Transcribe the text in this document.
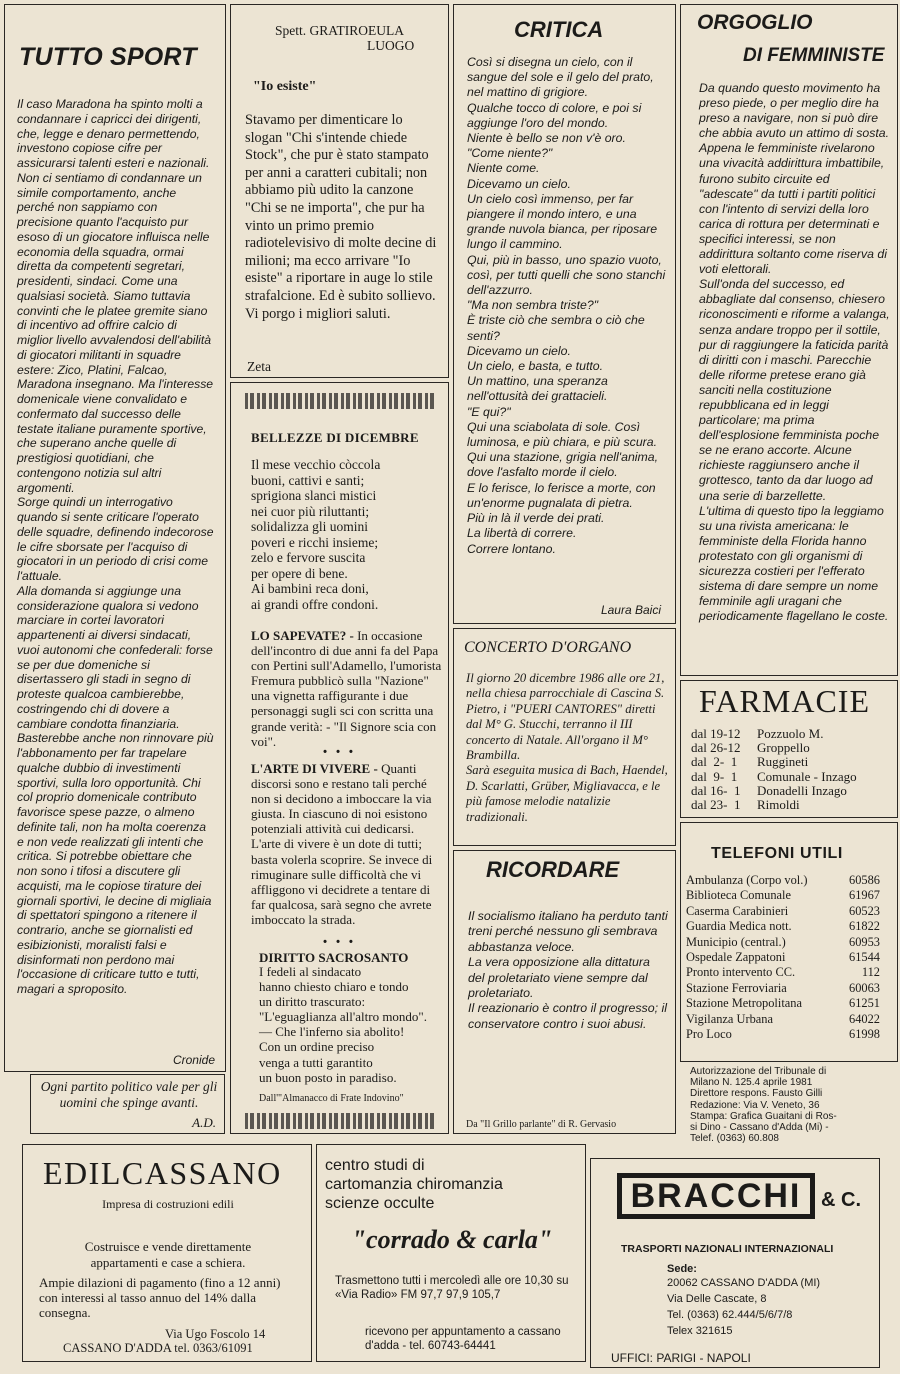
TUTTO SPORT

Il caso Maradona ha spinto molti a condannare i capricci dei dirigenti, che, legge e denaro permettendo, investono copiose cifre per assicurarsi talenti esteri e nazionali.
Non ci sentiamo di condannare un simile comportamento, anche perché non sappiamo con precisione quanto l'acquisto pur esoso di un giocatore influisca nelle economia della squadra, ormai diretta da competenti segretari, presidenti, sindaci. Come una qualsiasi società. Siamo tuttavia convinti che le platee gremite siano di incentivo ad offrire calcio di miglior livello avvalendosi dell'abilità di giocatori militanti in squadre estere: Zico, Platini, Falcao, Maradona insegnano. Ma l'interesse domenicale viene convalidato e confermato dal successo delle testate italiane puramente sportive, che superano anche quelle di prestigiosi quotidiani, che contengono notizia sul altri argomenti.
Sorge quindi un interrogativo quando si sente criticare l'operato delle squadre, definendo indecorose le cifre sborsate per l'acquiso di giocatori in un periodo di crisi come l'attuale.
Alla domanda si aggiunge una considerazione qualora si vedono marciare in cortei lavoratori appartenenti ai diversi sindacati, vuoi autonomi che confederali: forse se per due domeniche si disertassero gli stadi in segno di proteste qualcoa cambierebbe, costringendo chi di dovere a cambiare condotta finanziaria.
Basterebbe anche non rinnovare più l'abbonamento per far trapelare qualche dubbio di investimenti sportivi, sulla loro opportunità. Chi col proprio domenicale contributo favorisce spese pazze, o almeno definite tali, non ha molta coerenza e non vede realizzati gli intenti che critica. Si potrebbe obiettare che non sono i tifosi a discutere gli acquisti, ma le copiose tirature dei giornali sportivi, le decine di migliaia di spettatori spingono a ritenere il contrario, anche se giornalisti ed esibizionisti, moralisti falsi e disinformati non perdono mai l'occasione di criticare tutto e tutti, magari a sproposito.

Cronide

Ogni partito politico vale per gli uomini che spinge avanti.

A.D.
Spett. GRATIROEULA
LUOGO
"Io esiste"

Stavamo per dimenticare lo slogan "Chi s'intende chiede Stock", che pur è stato stampato per anni a caratteri cubitali; non abbiamo più udito la canzone "Chi se ne importa", che pur ha vinto un primo premio radiotelevisivo di molte decine di milioni; ma ecco arrivare "Io esiste" a riportare in auge lo stile strafalcione. Ed è subito sollievo.
Vi porgo i migliori saluti.

Zeta
BELLEZZE DI DICEMBRE

Il mese vecchio còccola
buoni, cattivi e santi;
sprigiona slanci mistici
nei cuor più riluttanti;
solidalizza gli uomini
poveri e ricchi insieme;
zelo e fervore suscita
per opere di bene.
Ai bambini reca doni,
ai grandi offre condoni.

LO SAPEVATE? - In occasione dell'incontro di due anni fa del Papa con Pertini sull'Adamello, l'umorista Fremura pubblicò sulla "Nazione" una vignetta raffigurante i due personaggi sugli sci con scritta una grande verità: - "Il Signore scia con voi".

• • •

L'ARTE DI VIVERE - Quanti discorsi sono e restano tali perché non si decidono a imboccare la via giusta. In ciascuno di noi esistono potenziali attività cui dedicarsi. L'arte di vivere è un dote di tutti; basta volerla scoprire. Se invece di rimuginare sulle difficoltà che vi affliggono vi decidrete a tentare di far qualcosa, sarà segno che avrete imboccato la strada.

• • •
DIRITTO SACROSANTO

I fedeli al sindacato
hanno chiesto chiaro e tondo
un diritto trascurato:
"L'eguaglianza all'altro mondo".
— Che l'inferno sia abolito!
Con un ordine preciso
venga a tutti garantito
un buon posto in paradiso.

Dall'"Almanacco di Frate Indovino"
CRITICA

Così si disegna un cielo, con il sangue del sole e il gelo del prato, nel mattino di grigiore.
Qualche tocco di colore, e poi si aggiunge l'oro del mondo.
Niente è bello se non v'è oro.
"Come niente?"
Niente come.
Dicevamo un cielo.
Un cielo così immenso, per far piangere il mondo intero, e una grande nuvola bianca, per riposare lungo il cammino.
Qui, più in basso, uno spazio vuoto, così, per tutti quelli che sono stanchi dell'azzurro.
"Ma non sembra triste?"
È triste ciò che sembra o ciò che senti?
Dicevamo un cielo.
Un cielo, e basta, e tutto.
Un mattino, una speranza nell'ottusità dei grattacieli.
"E qui?"
Qui una sciabolata di sole. Così luminosa, e più chiara, e più scura.
Qui una stazione, grigia nell'anima, dove l'asfalto morde il cielo.
E lo ferisce, lo ferisce a morte, con un'enorme pugnalata di pietra.
Più in là il verde dei prati.
La libertà di correre.
Correre lontano.

Laura Baici
CONCERTO D'ORGANO

Il giorno 20 dicembre 1986 alle ore 21, nella chiesa parrocchiale di Cascina S. Pietro, i "PUERI CANTORES" diretti dal M° G. Stucchi, terranno il III concerto di Natale. All'organo il M° Brambilla.
Sarà eseguita musica di Bach, Haendel, D. Scarlatti, Grüber, Migliavacca, e le più famose melodie natalizie tradizionali.

RICORDARE

Il socialismo italiano ha perduto tanti treni perché nessuno gli sembrava abbastanza veloce.
La vera opposizione alla dittatura del proletariato viene sempre dal proletariato.
Il reazionario è contro il progresso; il conservatore contro i suoi abusi.

Da "Il Grillo parlante" di R. Gervasio
ORGOGLIO
DI FEMMINISTE

Da quando questo movimento ha preso piede, o per meglio dire ha preso a navigare, non si può dire che abbia avuto un attimo di sosta.
Appena le femministe rivelarono una vivacità addirittura imbattibile, furono subito circuite ed "adescate" da tutti i partiti politici con l'intento di servizi della loro carica di rottura per determinati e specifici interessi, se non addirittura soltanto come riserva di voti elettorali.
Sull'onda del successo, ed abbagliate dal consenso, chiesero riconoscimenti e riforme a valanga, senza andare troppo per il sottile, pur di raggiungere la faticida parità di diritti con i maschi. Parecchie delle riforme pretese erano già sanciti nella costituzione repubblicana ed in leggi particolare; ma prima dell'esplosione femminista poche se ne erano accorte. Alcune richieste raggiunsero anche il grottesco, tanto da dar luogo ad una serie di barzellette.
L'ultima di questo tipo la leggiamo su una rivista americana: le femministe della Florida hanno protestato con gli organismi di sicurezza costieri per l'efferato sistema di dare sempre un nome femminile agli uragani che periodicamente flagellano le coste.

FARMACIE
dal 19-12	Pozzuolo M.
dal 26-12	Groppello
dal  2-  1	Ruggineti
dal  9-  1	Comunale - Inzago
dal 16-  1	Donadelli Inzago
dal 23-  1	Rimoldi
TELEFONI UTILI
Ambulanza (Corpo vol.)	60586
Biblioteca Comunale	61967
Caserma Carabinieri	60523
Guardia Medica nott.	61822
Municipio (central.)	60953
Ospedale Zappatoni	61544
Pronto intervento CC.	112
Stazione Ferroviaria	60063
Stazione Metropolitana	61251
Vigilanza Urbana	64022
Pro Loco	61998
Autorizzazione del Tribunale di
Milano N. 125.4 aprile 1981
Direttore respons. Fausto Gilli
Redazione: Via V. Veneto, 36
Stampa: Grafica Guaitani di Ros-
si Dino - Cassano d'Adda (Mi) -
Telef. (0363) 60.808
EDILCASSANO
Impresa di costruzioni edili
Costruisce e vende direttamente
appartamenti e case a schiera.

Ampie dilazioni di pagamento (fino a 12 anni) con interessi al tasso annuo del 14% dalla consegna.

Via Ugo Foscolo 14
CASSANO D'ADDA tel. 0363/61091
centro studi di
cartomanzia chiromanzia
scienze occulte
"corrado & carla"

Trasmettono tutti i mercoledì alle ore 10,30 su «Via Radio» FM 97,7 97,9 105,7

ricevono per appuntamento a cassano d'adda - tel. 60743-64441

BRACCHI & C.
TRASPORTI NAZIONALI INTERNAZIONALI
Sede:
20062 CASSANO D'ADDA (MI)
Via Delle Cascate, 8
Tel. (0363) 62.444/5/6/7/8
Telex 321615
UFFICI: PARIGI - NAPOLI
